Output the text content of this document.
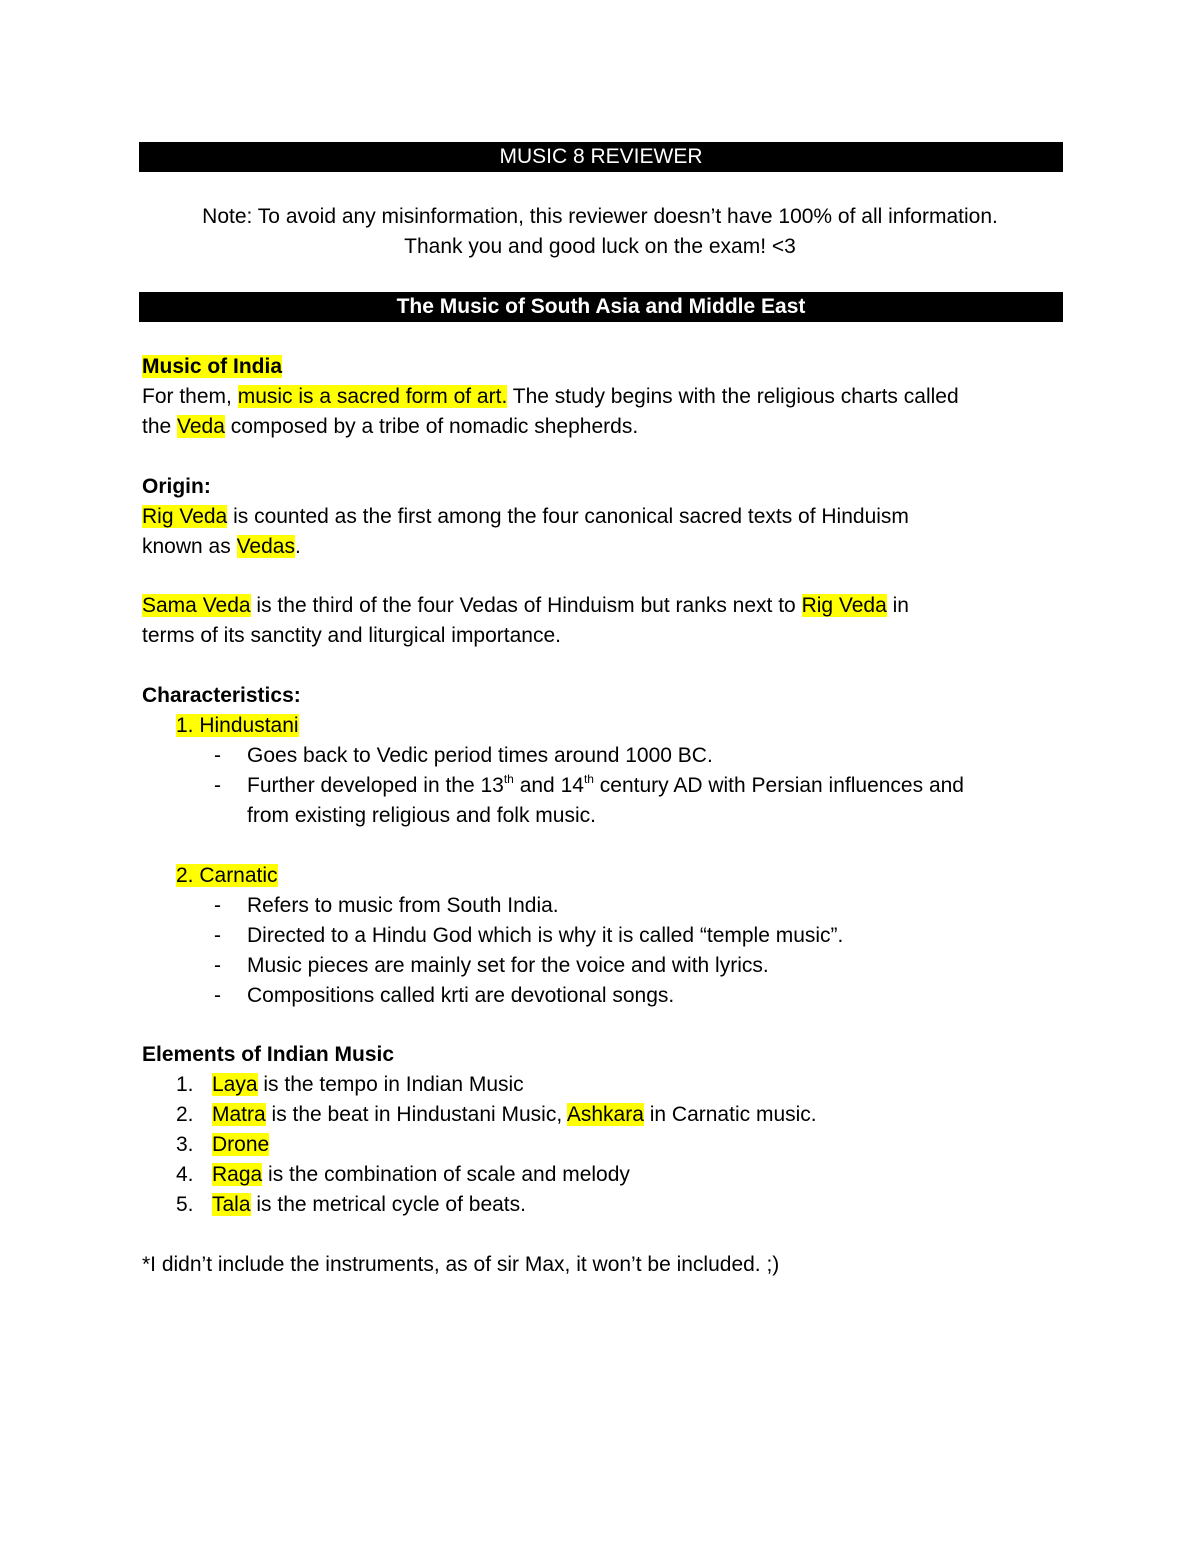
MUSIC 8 REVIEWER
Note: To avoid any misinformation, this reviewer doesn’t have 100% of all information.
Thank you and good luck on the exam! <3
The Music of South Asia and Middle East
Music of India
For them, music is a sacred form of art. The study begins with the religious charts called
the Veda composed by a tribe of nomadic shepherds.
Origin:
Rig Veda is counted as the first among the four canonical sacred texts of Hinduism
known as Vedas.
Sama Veda is the third of the four Vedas of Hinduism but ranks next to Rig Veda in
terms of its sanctity and liturgical importance.
Characteristics:
1. Hindustani
- Goes back to Vedic period times around 1000 BC.
- Further developed in the 13th and 14th century AD with Persian influences and
from existing religious and folk music.
2. Carnatic
- Refers to music from South India.
- Directed to a Hindu God which is why it is called “temple music”.
- Music pieces are mainly set for the voice and with lyrics.
- Compositions called krti are devotional songs.
Elements of Indian Music
1. Laya is the tempo in Indian Music
2. Matra is the beat in Hindustani Music, Ashkara in Carnatic music.
3. Drone
4. Raga is the combination of scale and melody
5. Tala is the metrical cycle of beats.
*I didn’t include the instruments, as of sir Max, it won’t be included. ;)
